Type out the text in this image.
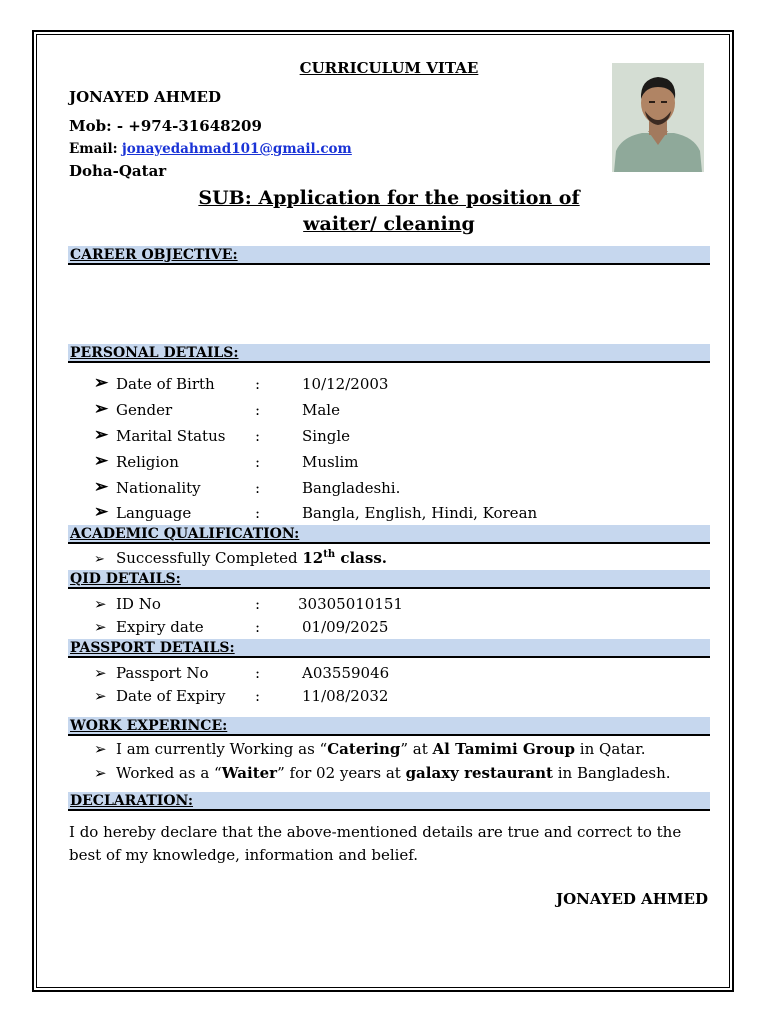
CURRICULUM VITAE
JONAYED AHMED
Mob: - +974-31648209
Email: jonayedahmad101@gmail.com
Doha-Qatar
SUB: Application for the position of
waiter/ cleaning
CAREER OBJECTIVE:
PERSONAL DETAILS:
➢ Date of Birth	:	10/12/2003
➢ Gender	:	Male
➢ Marital Status :	Single
➢ Religion	:	Muslim
➢ Nationality	:	Bangladeshi.
➢ Language	:	Bangla, English, Hindi, Korean
ACADEMIC QUALIFICATION:
➢ Successfully Completed 12th class.
QID DETAILS:
➢ ID No	:	30305010151
➢ Expiry date	:	01/09/2025
PASSPORT DETAILS:
➢ Passport No	:	A03559046
➢ Date of Expiry :	11/08/2032
WORK EXPERINCE:
➢ I am currently Working as “Catering” at Al Tamimi Group in Qatar.
➢ Worked as a “Waiter” for 02 years at galaxy restaurant in Bangladesh.
DECLARATION:
I do hereby declare that the above-mentioned details are true and correct to the best of my knowledge, information and belief.
JONAYED AHMED
